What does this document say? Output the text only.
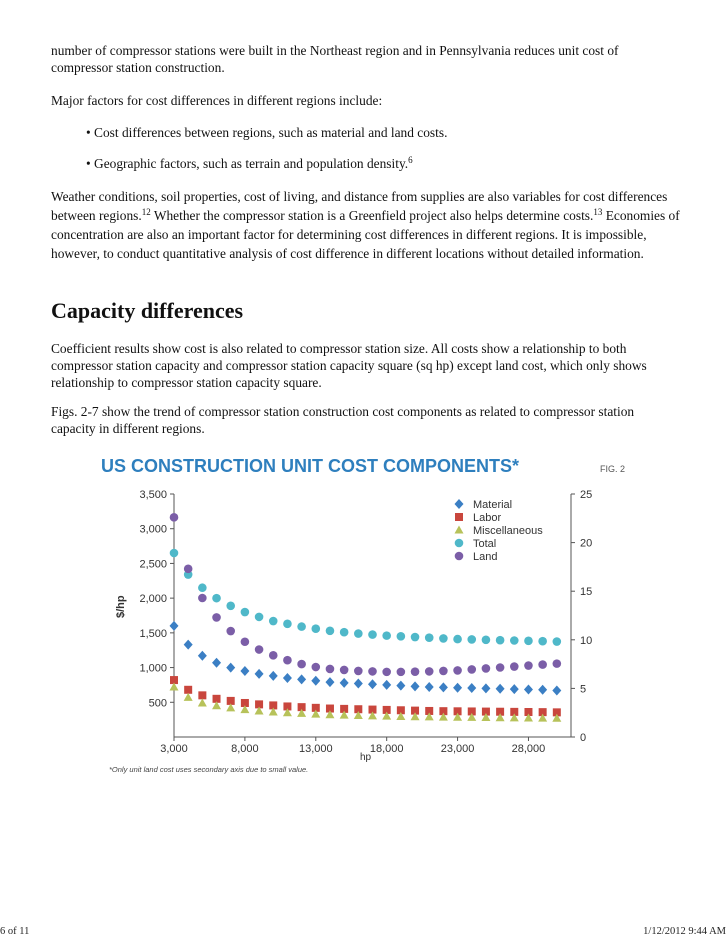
number of compressor stations were built in the Northeast region and in Pennsylvania reduces unit cost of compressor station construction.

Major factors for cost differences in different regions include:

• Cost differences between regions, such as material and land costs.

• Geographic factors, such as terrain and population density.$^6$

Weather conditions, soil properties, cost of living, and distance from supplies are also variables for cost differences between regions.$^{12}$ Whether the compressor station is a Greenfield project also helps determine costs.$^{13}$ Economies of concentration are also an important factor for determining cost differences in different regions. It is impossible, however, to conduct quantitative analysis of cost difference in different locations without detailed information.

Capacity differences

Coefficient results show cost is also related to compressor station size. All costs show a relationship to both compressor station capacity and compressor station capacity square (sq hp) except land cost, which only shows relationship to compressor station capacity square.

Figs. 2-7 show the trend of compressor station construction cost components as related to compressor station capacity in different regions.

US CONSTRUCTION UNIT COST COMPONENTS*	FIG. 2
$/hp
hp
*Only unit land cost uses secondary axis due to small value.
500
1,000
1,500
2,000
2,500
3,000
3,500
0
5
10
15
20
25
3,000	8,000	13,000	18,000	23,000	28,000
Material
Labor
Miscellaneous
Total
Land
6 of 11	1/12/2012 9:44 AM
